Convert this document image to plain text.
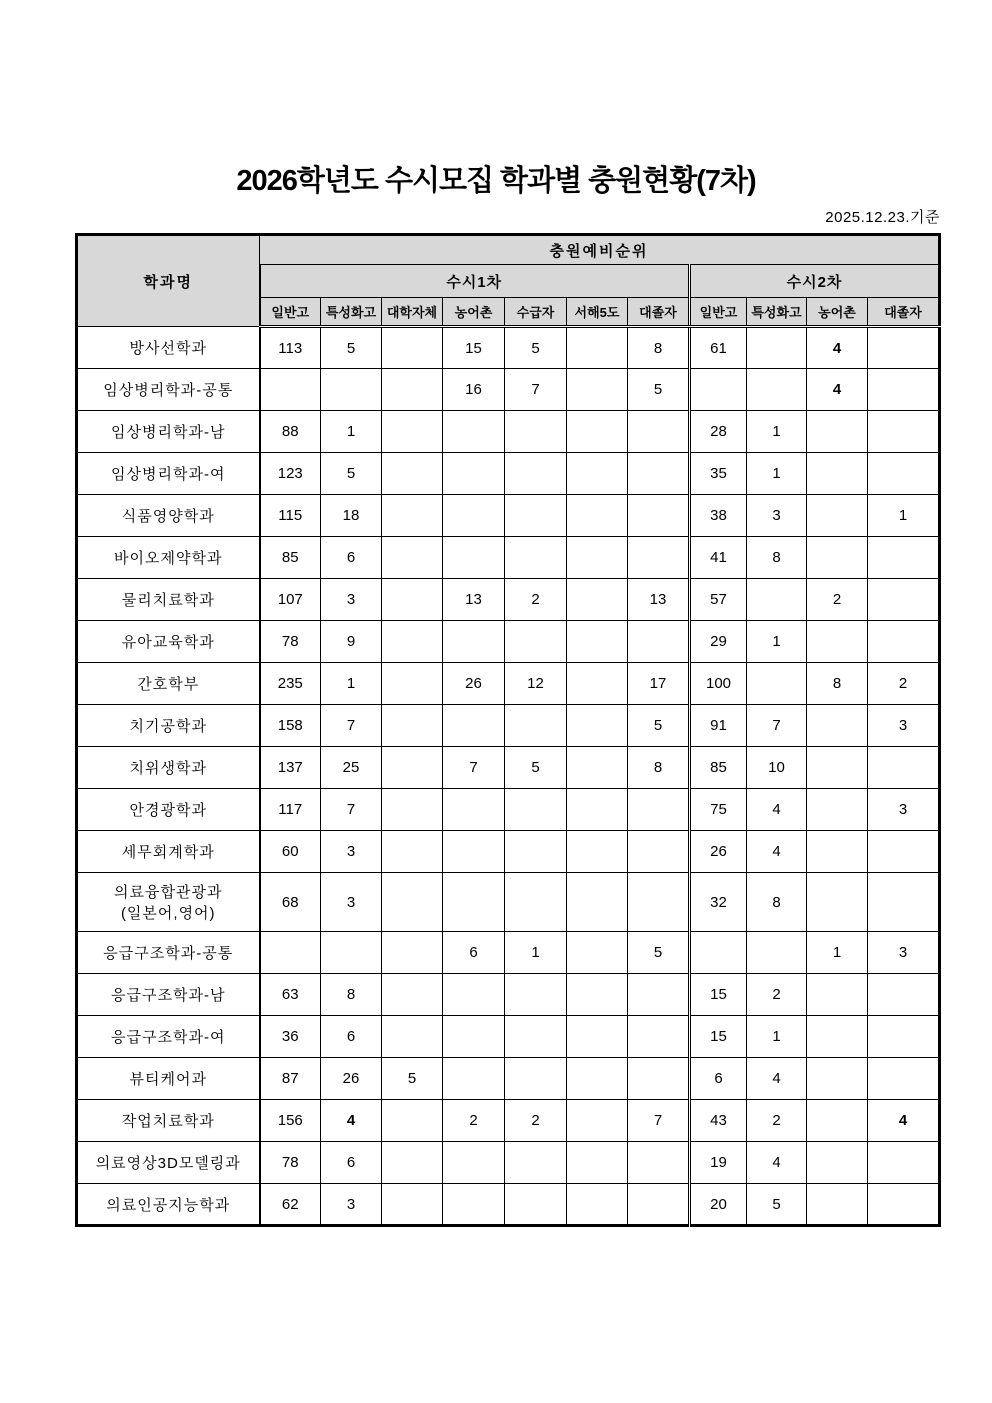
2026학년도 수시모집 학과별 충원현황(7차)
2025.12.23.기준
학과명	충원예비순위										
	수시1차							수시2차			
	일반고	특성화고	대학자체	농어촌	수급자	서해5도	대졸자	일반고	특성화고	농어촌	대졸자
방사선학과	113	5		15	5		8	61		4	
임상병리학과-공통				16	7		5			4	
임상병리학과-남	88	1						28	1		
임상병리학과-여	123	5						35	1		
식품영양학과	115	18						38	3		1
바이오제약학과	85	6						41	8		
물리치료학과	107	3		13	2		13	57		2	
유아교육학과	78	9						29	1		
간호학부	235	1		26	12		17	100		8	2
치기공학과	158	7					5	91	7		3
치위생학과	137	25		7	5		8	85	10		
안경광학과	117	7						75	4		3
세무회계학과	60	3						26	4		

의료융합관광과
(일본어,영어)	68	3						32	8		
응급구조학과-공통				6	1		5			1	3
응급구조학과-남	63	8						15	2		
응급구조학과-여	36	6						15	1		
뷰티케어과	87	26	5					6	4		
작업치료학과	156	4		2	2		7	43	2		4
의료영상3D모델링과	78	6						19	4		
의료인공지능학과	62	3						20	5		
